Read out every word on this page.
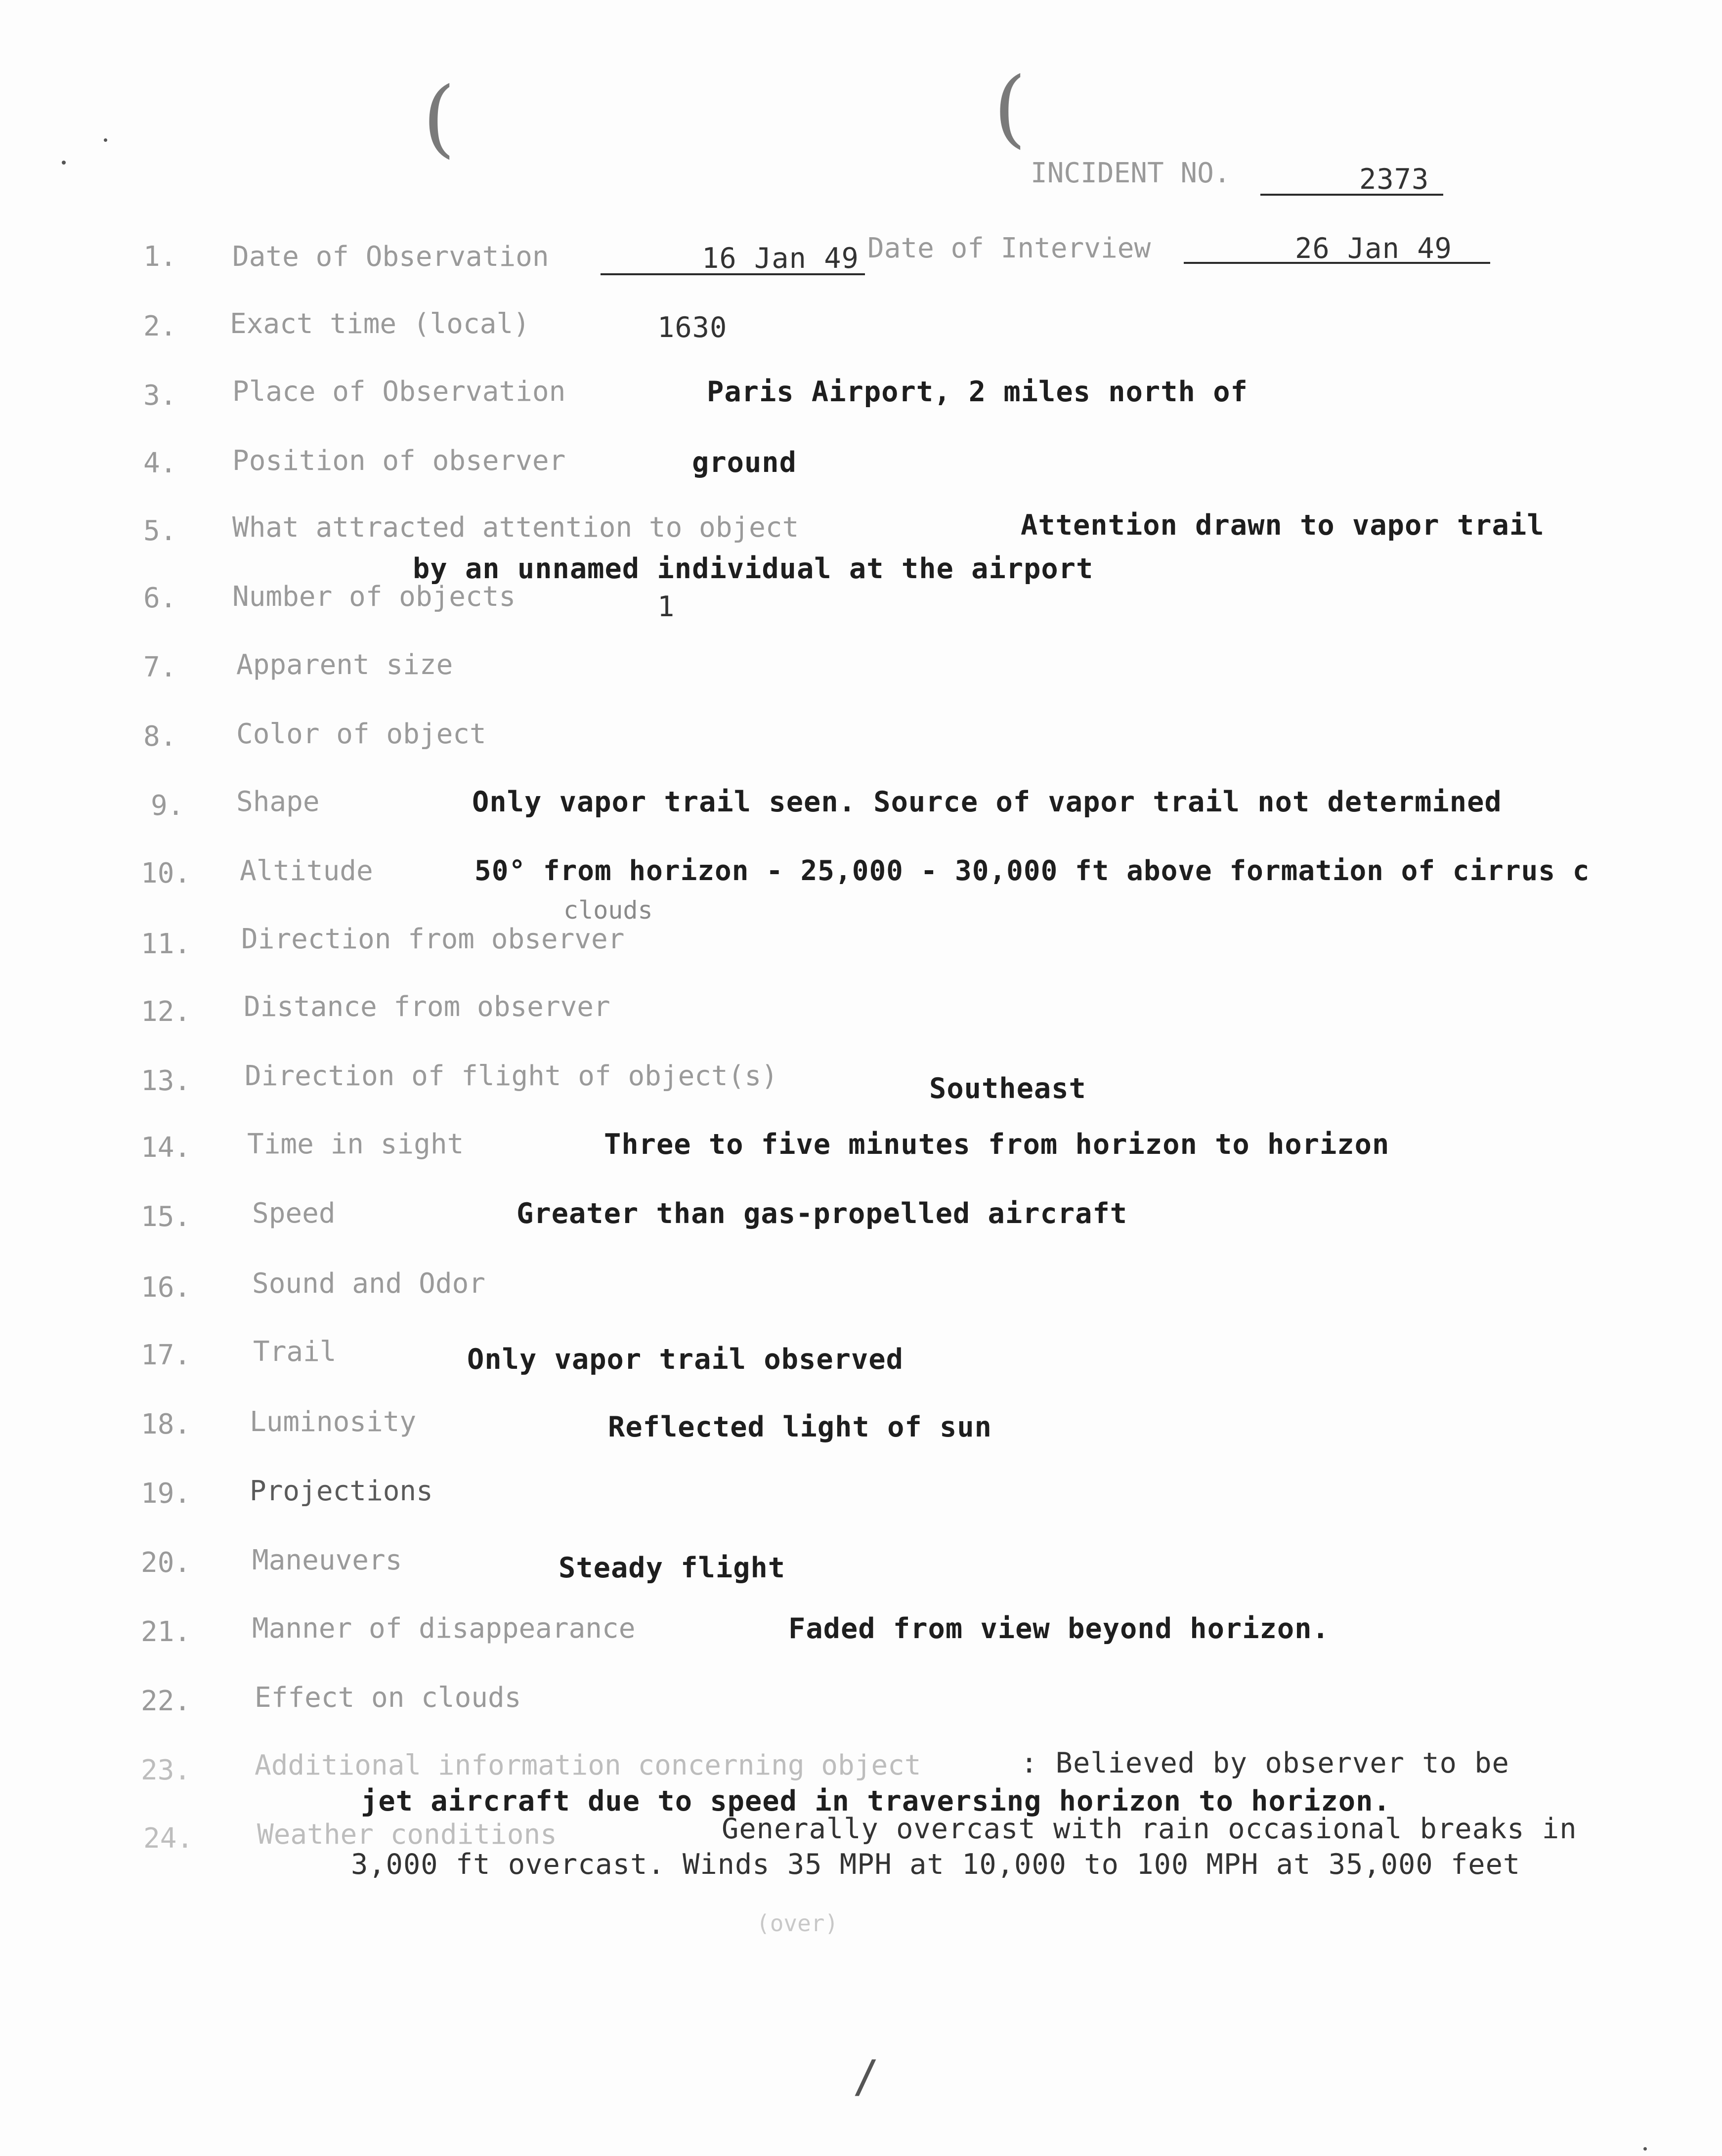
(	(
INCIDENT NO.	2373
1. Date of Observation	16 Jan 49 Date of Interview	26 Jan 49
2. Exact time (local)	1630
3. Place of Observation	Paris Airport, 2 miles north of
4. Position of observer	ground
5. What attracted attention to object	Attention drawn to vapor trail
by an unnamed individual at the airport
6. Number of objects	1
7. Apparent size
8. Color of object
9. Shape	Only vapor trail seen. Source of vapor trail not determined
10. Altitude	50° from horizon - 25,000 - 30,000 ft above formation of cirrus c
clouds
11. Direction from observer
12. Distance from observer
13. Direction of flight of object(s)	Southeast
14. Time in sight	Three to five minutes from horizon to horizon
15. Speed	Greater than gas-propelled aircraft
16. Sound and Odor
17. Trail	Only vapor trail observed
18. Luminosity	Reflected light of sun
19. Projections
20. Maneuvers	Steady flight
21. Manner of disappearance	Faded from view beyond horizon.
22. Effect on clouds
23. Additional information concerning object	: Believed by observer to be
jet aircraft due to speed in traversing horizon to horizon.
24. Weather conditions	Generally overcast with rain occasional breaks in
3,000 ft overcast. Winds 35 MPH at 10,000 to 100 MPH at 35,000 feet
(over)
/
